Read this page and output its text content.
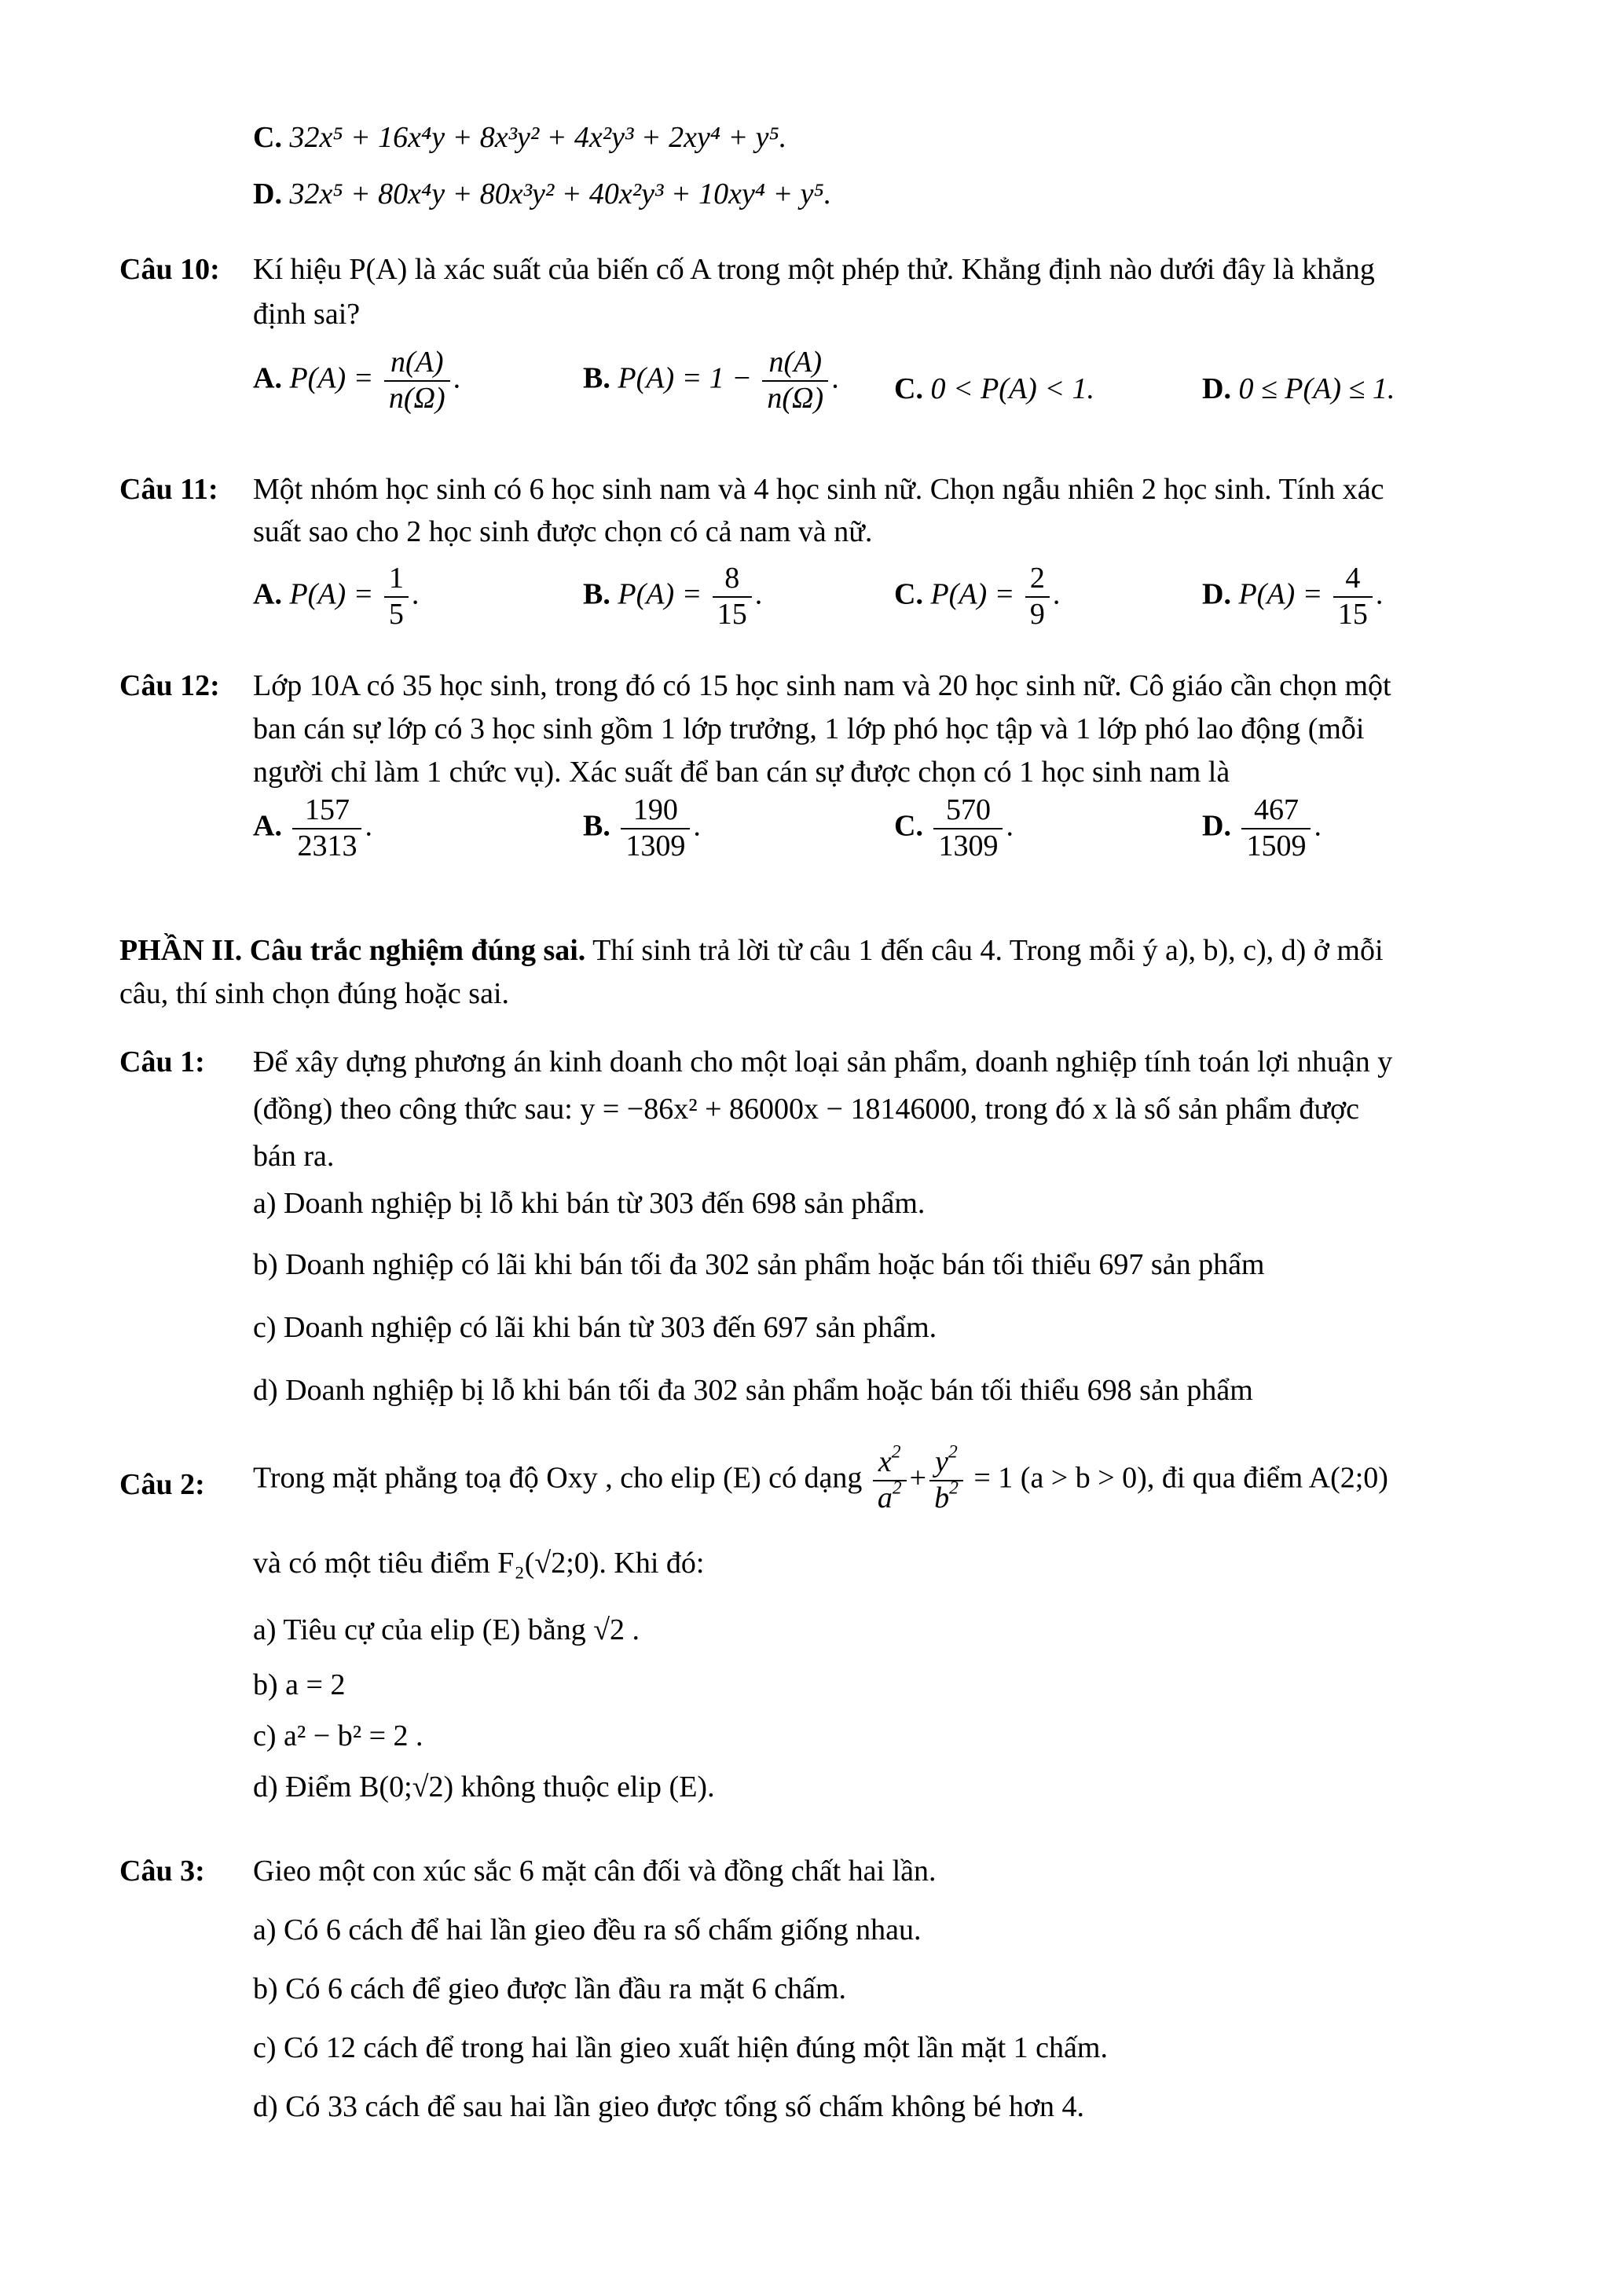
C. 32x⁵ + 16x⁴y + 8x³y² + 4x²y³ + 2xy⁴ + y⁵.
D. 32x⁵ + 80x⁴y + 80x³y² + 40x²y³ + 10xy⁴ + y⁵.
Câu 10: Kí hiệu P(A) là xác suất của biến cố A trong một phép thử. Khẳng định nào dưới đây là khẳng
định sai?
A. $P(A) = \frac{n(A)}{n(\Omega)}$ .	B. $P(A) = 1 - \frac{n(A)}{n(\Omega)}$ . C. 0 < P(A) < 1.	D. 0 ≤ P(A) ≤ 1.
Câu 11: Một nhóm học sinh có 6 học sinh nam và 4 học sinh nữ. Chọn ngẫu nhiên 2 học sinh. Tính xác
suất sao cho 2 học sinh được chọn có cả nam và nữ.
A. $P(A) = \frac{1}{5}$ .	B. $P(A) = \frac{8}{15}$ .	C. $P(A) = \frac{2}{9}$ .	D. $P(A) = \frac{4}{15}$ .
Câu 12: Lớp 10A có 35 học sinh, trong đó có 15 học sinh nam và 20 học sinh nữ. Cô giáo cần chọn một
ban cán sự lớp có 3 học sinh gồm 1 lớp trưởng, 1 lớp phó học tập và 1 lớp phó lao động (mỗi
người chỉ làm 1 chức vụ). Xác suất để ban cán sự được chọn có 1 học sinh nam là
A. $\frac{157}{2313}$ .	B. $\frac{190}{1309}$ .	C. $\frac{570}{1309}$ .	D. $\frac{467}{1509}$ .
PHẦN II. Câu trắc nghiệm đúng sai. Thí sinh trả lời từ câu 1 đến câu 4. Trong mỗi ý a), b), c), d) ở mỗi
câu, thí sinh chọn đúng hoặc sai.
Câu 1: Để xây dựng phương án kinh doanh cho một loại sản phẩm, doanh nghiệp tính toán lợi nhuận y
(đồng) theo công thức sau: y = −86x² + 86000x − 18146000, trong đó x là số sản phẩm được
bán ra.
a) Doanh nghiệp bị lỗ khi bán từ 303 đến 698 sản phẩm.
b) Doanh nghiệp có lãi khi bán tối đa 302 sản phẩm hoặc bán tối thiểu 697 sản phẩm
c) Doanh nghiệp có lãi khi bán từ 303 đến 697 sản phẩm.
d) Doanh nghiệp bị lỗ khi bán tối đa 302 sản phẩm hoặc bán tối thiểu 698 sản phẩm
Câu 2: Trong mặt phẳng toạ độ Oxy , cho elip (E) có dạng $\frac{x^2}{a^2} + \frac{y^2}{b^2} = 1$ (a > b > 0), đi qua điểm A(2;0)
và có một tiêu điểm F₂(√2;0). Khi đó:
a) Tiêu cự của elip (E) bằng √2 .
b) a = 2
c) a² − b² = 2 .
d) Điểm B(0;√2) không thuộc elip (E).
Câu 3: Gieo một con xúc sắc 6 mặt cân đối và đồng chất hai lần.
a) Có 6 cách để hai lần gieo đều ra số chấm giống nhau.
b) Có 6 cách để gieo được lần đầu ra mặt 6 chấm.
c) Có 12 cách để trong hai lần gieo xuất hiện đúng một lần mặt 1 chấm.
d) Có 33 cách để sau hai lần gieo được tổng số chấm không bé hơn 4.
